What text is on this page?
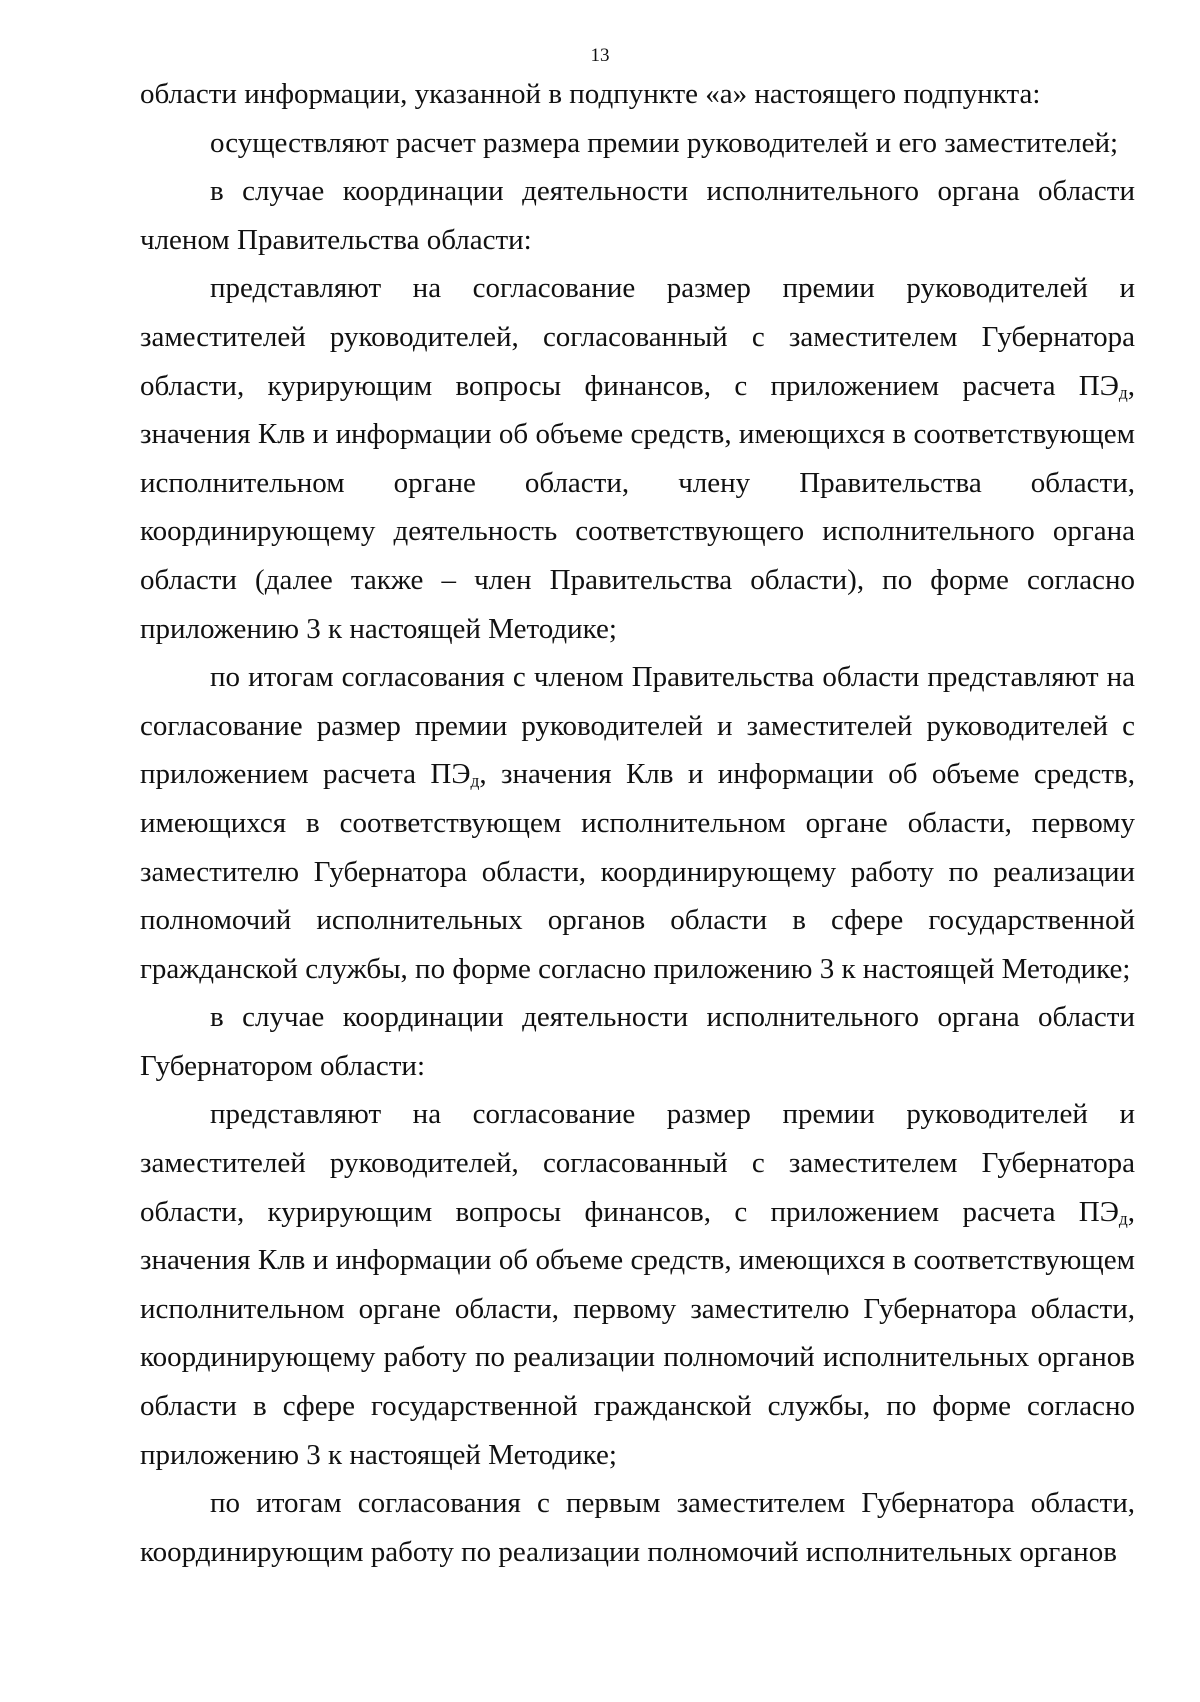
13

области информации, указанной в подпункте «а» настоящего подпункта:

осуществляют расчет размера премии руководителей и его заместителей;

в случае координации деятельности исполнительного органа области членом Правительства области:

представляют на согласование размер премии руководителей и заместителей руководителей, согласованный с заместителем Губернатора области, курирующим вопросы финансов, с приложением расчета $ПЭ_д$, значения Клв и информации об объеме средств, имеющихся в соответствующем исполнительном органе области, члену Правительства области, координирующему деятельность соответствующего исполнительного органа области (далее также – член Правительства области), по форме согласно приложению 3 к настоящей Методике;

по итогам согласования с членом Правительства области представляют на согласование размер премии руководителей и заместителей руководителей с приложением расчета $ПЭ_д$, значения Клв и информации об объеме средств, имеющихся в соответствующем исполнительном органе области, первому заместителю Губернатора области, координирующему работу по реализации полномочий исполнительных органов области в сфере государственной гражданской службы, по форме согласно приложению 3 к настоящей Методике;

в случае координации деятельности исполнительного органа области Губернатором области:

представляют на согласование размер премии руководителей и заместителей руководителей, согласованный с заместителем Губернатора области, курирующим вопросы финансов, с приложением расчета $ПЭ_д$, значения Клв и информации об объеме средств, имеющихся в соответствующем исполнительном органе области, первому заместителю Губернатора области, координирующему работу по реализации полномочий исполнительных органов области в сфере государственной гражданской службы, по форме согласно приложению 3 к настоящей Методике;

по итогам согласования с первым заместителем Губернатора области, координирующим работу по реализации полномочий исполнительных органов
